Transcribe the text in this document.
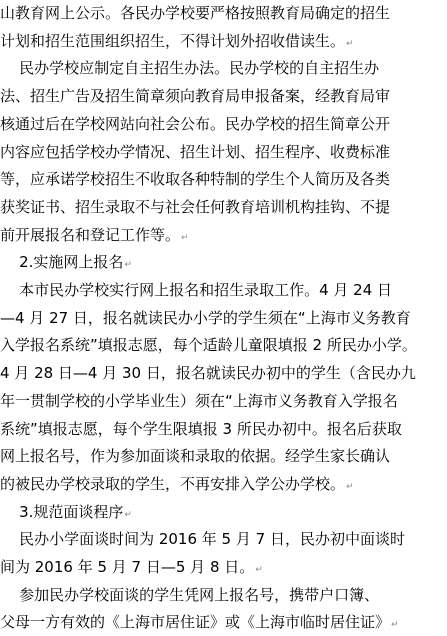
山教育网上公示。各民办学校要严格按照教育局确定的招生
计划和招生范围组织招生，不得计划外招收借读生。↵
民办学校应制定自主招生办法。民办学校的自主招生办
法、招生广告及招生简章须向教育局申报备案，经教育局审
核通过后在学校网站向社会公布。民办学校的招生简章公开
内容应包括学校办学情况、招生计划、招生程序、收费标准
等，应承诺学校招生不收取各种特制的学生个人简历及各类
获奖证书、招生录取不与社会任何教育培训机构挂钩、不提
前开展报名和登记工作等。↵
2.实施网上报名↵
本市民办学校实行网上报名和招生录取工作。4 月 24 日
—4 月 27 日，报名就读民办小学的学生须在“上海市义务教育
入学报名系统”填报志愿，每个适龄儿童限填报 2 所民办小学。
4 月 28 日—4 月 30 日，报名就读民办初中的学生（含民办九
年一贯制学校的小学毕业生）须在“上海市义务教育入学报名
系统”填报志愿，每个学生限填报 3 所民办初中。报名后获取
网上报名号，作为参加面谈和录取的依据。经学生家长确认
的被民办学校录取的学生，不再安排入学公办学校。↵
3.规范面谈程序↵
民办小学面谈时间为 2016 年 5 月 7 日，民办初中面谈时
间为 2016 年 5 月 7 日—5 月 8 日。↵
参加民办学校面谈的学生凭网上报名号，携带户口簿、
父母一方有效的《上海市居住证》或《上海市临时居住证》↵
